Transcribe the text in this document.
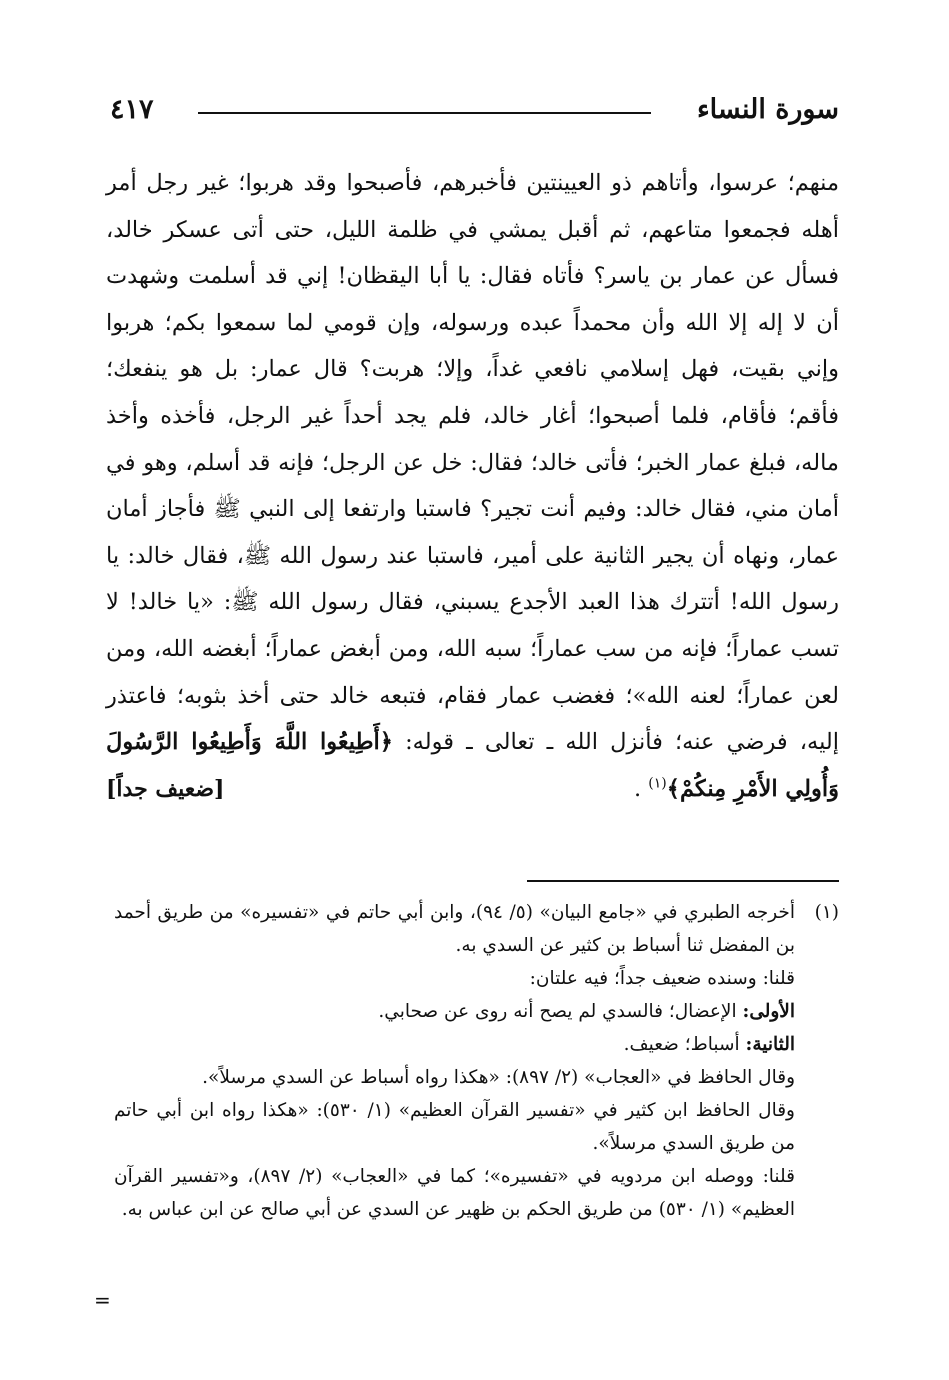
سورة النساء
٤١٧

منهم؛ عرسوا، وأتاهم ذو العيينتين فأخبرهم، فأصبحوا وقد هربوا؛ غير رجل أمر أهله فجمعوا متاعهم، ثم أقبل يمشي في ظلمة الليل، حتى أتى عسكر خالد، فسأل عن عمار بن ياسر؟ فأتاه فقال: يا أبا اليقظان! إني قد أسلمت وشهدت أن لا إله إلا الله وأن محمداً عبده ورسوله، وإن قومي لما سمعوا بكم؛ هربوا وإني بقيت، فهل إسلامي نافعي غداً، وإلا؛ هربت؟ قال عمار: بل هو ينفعك؛ فأقم؛ فأقام، فلما أصبحوا؛ أغار خالد، فلم يجد أحداً غير الرجل، فأخذه وأخذ ماله، فبلغ عمار الخبر؛ فأتى خالد؛ فقال: خل عن الرجل؛ فإنه قد أسلم، وهو في أمان مني، فقال خالد: وفيم أنت تجير؟ فاستبا وارتفعا إلى النبي ﷺ فأجاز أمان عمار، ونهاه أن يجير الثانية على أمير، فاستبا عند رسول الله ﷺ، فقال خالد: يا رسول الله! أتترك هذا العبد الأجدع يسبني، فقال رسول الله ﷺ: «يا خالد! لا تسب عماراً؛ فإنه من سب عماراً؛ سبه الله، ومن أبغض عماراً؛ أبغضه الله، ومن لعن عماراً؛ لعنه الله»؛ فغضب عمار فقام، فتبعه خالد حتى أخذ بثوبه؛ فاعتذر إليه، فرضي عنه؛ فأنزل الله ـ تعالى ـ قوله: ﴿أَطِيعُوا اللَّهَ وَأَطِيعُوا الرَّسُولَ وَأُولِي الأَمْرِ مِنكُمْ﴾$^{(١)}$ .
[ضعيف جداً]

(١)

أخرجه الطبري في «جامع البيان» (٥/ ٩٤)، وابن أبي حاتم في «تفسيره» من طريق أحمد بن المفضل ثنا أسباط بن كثير عن السدي به.

قلنا: وسنده ضعيف جداً؛ فيه علتان:

الأولى: الإعضال؛ فالسدي لم يصح أنه روى عن صحابي.

الثانية: أسباط؛ ضعيف.

وقال الحافظ في «العجاب» (٢/ ٨٩٧): «هكذا رواه أسباط عن السدي مرسلاً».

وقال الحافظ ابن كثير في «تفسير القرآن العظيم» (١/ ٥٣٠): «هكذا رواه ابن أبي حاتم من طريق السدي مرسلاً».

قلنا: ووصله ابن مردويه في «تفسيره»؛ كما في «العجاب» (٢/ ٨٩٧)، و«تفسير القرآن العظيم» (١/ ٥٣٠) من طريق الحكم بن ظهير عن السدي عن أبي صالح عن ابن عباس به.

=
